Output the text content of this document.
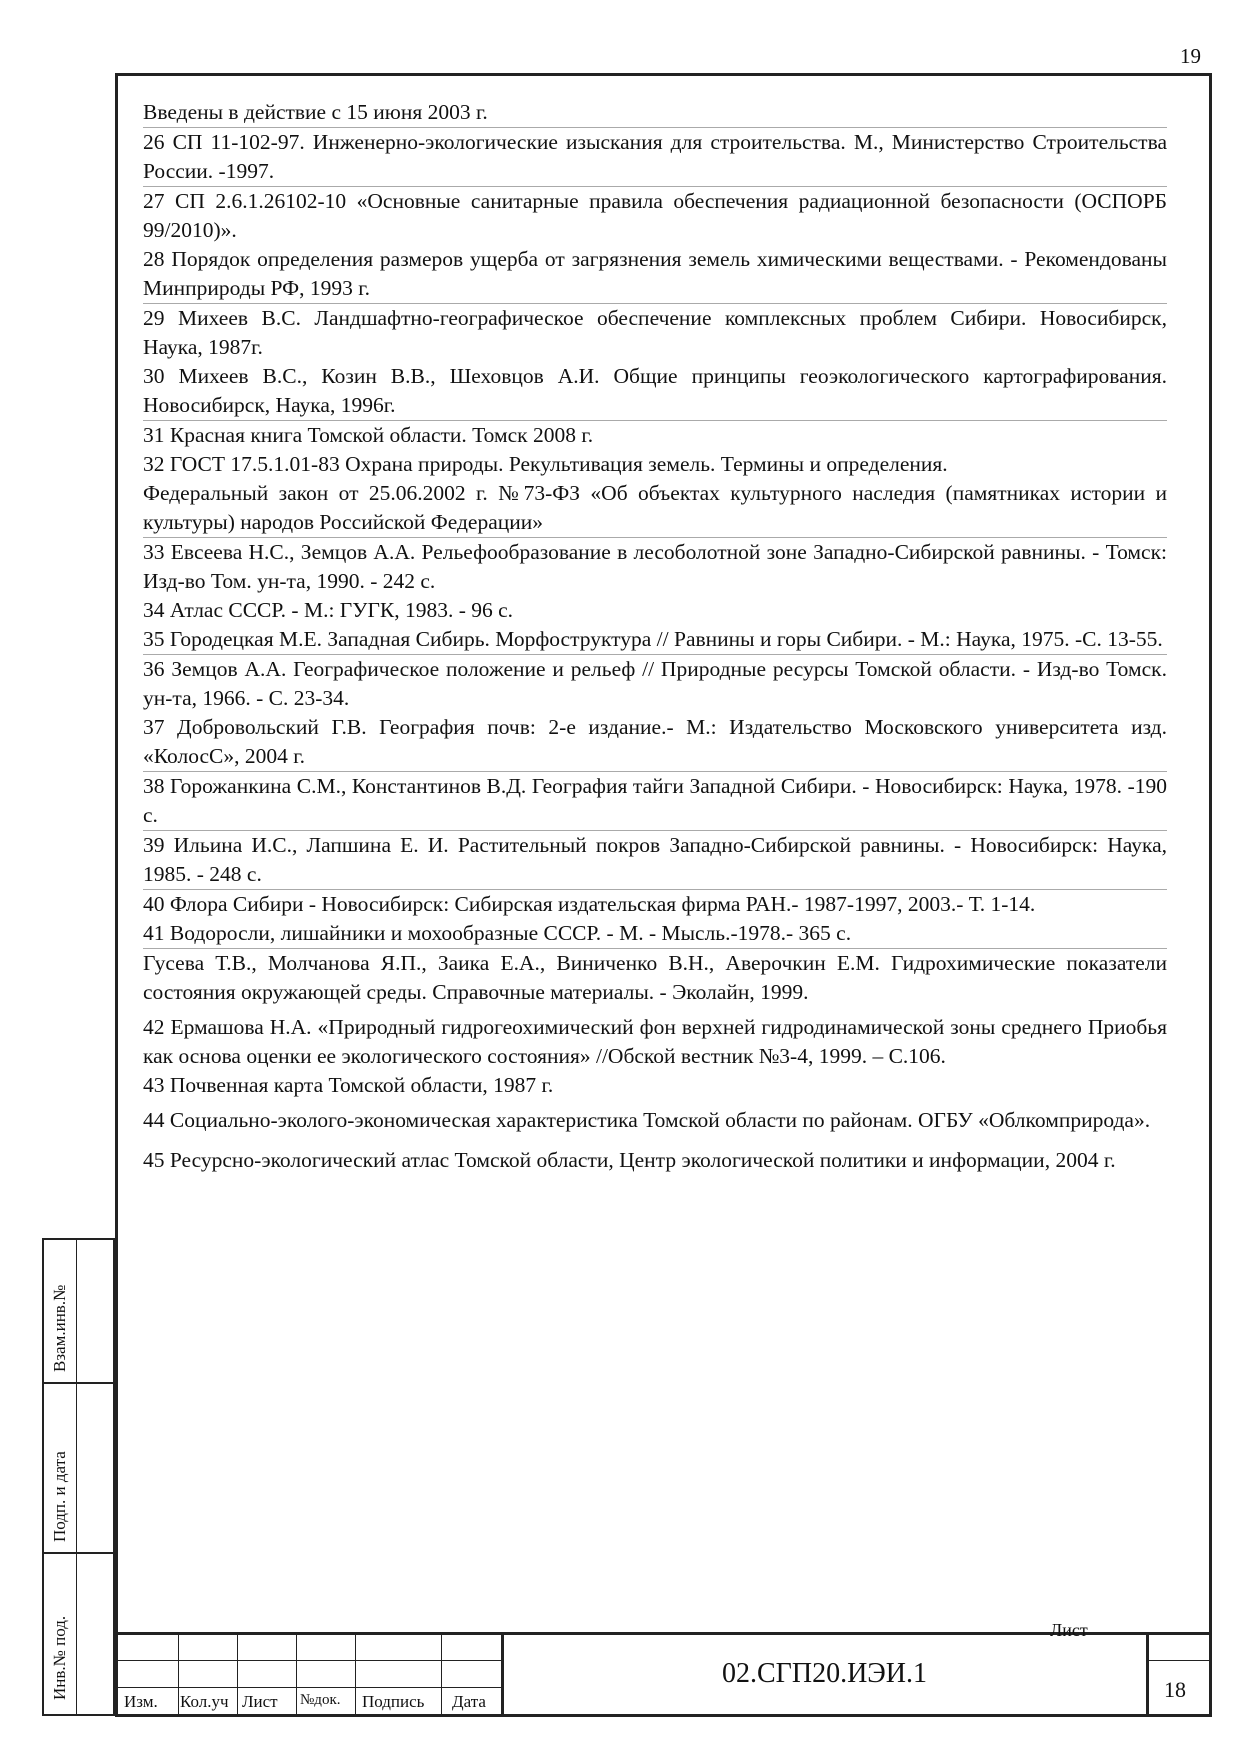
19
Введены в действие с 15 июня 2003 г.
26 СП 11-102-97. Инженерно-экологические изыскания для строительства. М., Министерство Строительства России. -1997.
27 СП 2.6.1.26102-10 «Основные санитарные правила обеспечения радиационной безопасности (ОСПОРБ 99/2010)».
28 Порядок определения размеров ущерба от загрязнения земель химическими веществами. - Рекомендованы Минприроды РФ, 1993 г.
29 Михеев В.С. Ландшафтно-географическое обеспечение комплексных проблем Сибири. Новосибирск, Наука, 1987г.
30 Михеев В.С., Козин В.В., Шеховцов А.И. Общие принципы геоэкологического картографирования. Новосибирск, Наука, 1996г.
31 Красная книга Томской области. Томск 2008 г.
32 ГОСТ 17.5.1.01-83 Охрана природы. Рекультивация земель. Термины и определения.
Федеральный закон от 25.06.2002 г. №73-ФЗ «Об объектах культурного наследия (памятниках истории и культуры) народов Российской Федерации»
33 Евсеева Н.С., Земцов А.А. Рельефообразование в лесоболотной зоне Западно-Сибирской равнины. - Томск: Изд-во Том. ун-та, 1990. - 242 с.
34 Атлас СССР. - М.: ГУГК, 1983. - 96 с.
35 Городецкая М.Е. Западная Сибирь. Морфоструктура // Равнины и горы Сибири. - М.: Наука, 1975. -С. 13-55.
36 Земцов А.А. Географическое положение и рельеф // Природные ресурсы Томской области. - Изд-во Томск. ун-та, 1966. - С. 23-34.
37 Добровольский Г.В. География почв: 2-е издание.- М.: Издательство Московского университета изд. «КолосС», 2004 г.
38 Горожанкина С.М., Константинов В.Д. География тайги Западной Сибири. - Новосибирск: Наука, 1978. -190 с.
39 Ильина И.С., Лапшина Е. И. Растительный покров Западно-Сибирской равнины. - Новосибирск: Наука, 1985. - 248 с.
40 Флора Сибири - Новосибирск: Сибирская издательская фирма РАН.- 1987-1997, 2003.- Т. 1-14.
41 Водоросли, лишайники и мохообразные СССР. - М. - Мысль.-1978.- 365 с.
Гусева Т.В., Молчанова Я.П., Заика Е.А., Виниченко В.Н., Аверочкин Е.М. Гидрохимические показатели состояния окружающей среды. Справочные материалы. - Эколайн, 1999.
42 Ермашова Н.А. «Природный гидрогеохимический фон верхней гидродинамической зоны среднего Приобья как основа оценки ее экологического состояния» //Обской вестник №3-4, 1999. – С.106.
43 Почвенная карта Томской области, 1987 г.
44 Социально-эколого-экономическая характеристика Томской области по районам. ОГБУ «Облкомприрода».
45 Ресурсно-экологический атлас Томской области, Центр экологической политики и информации, 2004 г.
Изм. Кол.уч Лист №док. Подпись Дата
02.СГП20.ИЭИ.1
Лист
18
Взам.инв.№
Подп. и дата
Инв.№ под.
